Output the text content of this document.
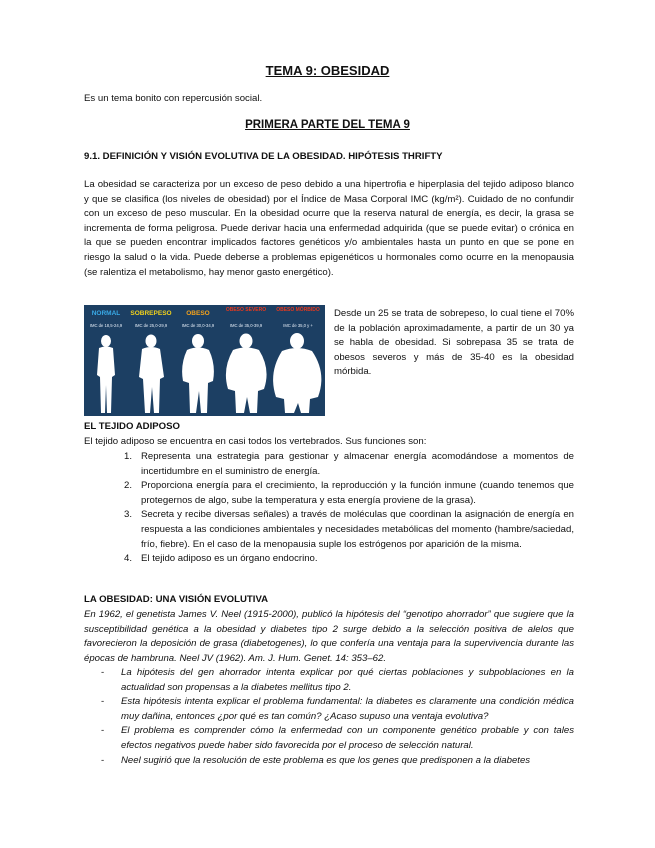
TEMA 9: OBESIDAD
Es un tema bonito con repercusión social.
PRIMERA PARTE DEL TEMA 9
9.1. DEFINICIÓN Y VISIÓN EVOLUTIVA DE LA OBESIDAD. HIPÓTESIS THRIFTY
La obesidad se caracteriza por un exceso de peso debido a una hipertrofia e hiperplasia del tejido adiposo blanco y que se clasifica (los niveles de obesidad) por el Índice de Masa Corporal IMC (kg/m²). Cuidado de no confundir con un exceso de peso muscular. En la obesidad ocurre que la reserva natural de energía, es decir, la grasa se incrementa de forma peligrosa. Puede derivar hacia una enfermedad adquirida (que se puede evitar) o crónica en la que se pueden encontrar implicados factores genéticos y/o ambientales hasta un punto en que se pone en riesgo la salud o la vida. Puede deberse a problemas epigenéticos u hormonales como ocurre en la menopausia (se ralentiza el metabolismo, hay menor gasto energético).
NORMAL	SOBREPESO	OBESO	OBESO SEVERO	OBESO MÓRBIDO
IMC de 18,5-24,9	IMC de 25,0-29,9	IMC de 30,0-34,9	IMC de 35,0-39,9	IMC de 35,0 y +
Desde un 25 se trata de sobrepeso, lo cual tiene el 70% de la población aproximadamente, a partir de un 30 ya se habla de obesidad. Si sobrepasa 35 se trata de obesos severos y más de 35-40 es la obesidad mórbida.
EL TEJIDO ADIPOSO
El tejido adiposo se encuentra en casi todos los vertebrados. Sus funciones son:
1. Representa una estrategia para gestionar y almacenar energía acomodándose a momentos de incertidumbre en el suministro de energía.
2. Proporciona energía para el crecimiento, la reproducción y la función inmune (cuando tenemos que protegernos de algo, sube la temperatura y esta energía proviene de la grasa).
3. Secreta y recibe diversas señales) a través de moléculas que coordinan la asignación de energía en respuesta a las condiciones ambientales y necesidades metabólicas del momento (hambre/saciedad, frío, fiebre). En el caso de la menopausia suple los estrógenos por aparición de la misma.
4. El tejido adiposo es un órgano endocrino.
LA OBESIDAD: UNA VISIÓN EVOLUTIVA
En 1962, el genetista James V. Neel (1915-2000), publicó la hipótesis del “genotipo ahorrador” que sugiere que la susceptibilidad genética a la obesidad y diabetes tipo 2 surge debido a la selección positiva de alelos que favorecieron la deposición de grasa (diabetogenes), lo que confería una ventaja para la supervivencia durante las épocas de hambruna. Neel JV (1962). Am. J. Hum. Genet. 14: 353–62.
- La hipótesis del gen ahorrador intenta explicar por qué ciertas poblaciones y subpoblaciones en la actualidad son propensas a la diabetes mellitus tipo 2.
- Esta hipótesis intenta explicar el problema fundamental: la diabetes es claramente una condición médica muy dañina, entonces ¿por qué es tan común? ¿Acaso supuso una ventaja evolutiva?
- El problema es comprender cómo la enfermedad con un componente genético probable y con tales efectos negativos puede haber sido favorecida por el proceso de selección natural.
- Neel sugirió que la resolución de este problema es que los genes que predisponen a la diabetes
